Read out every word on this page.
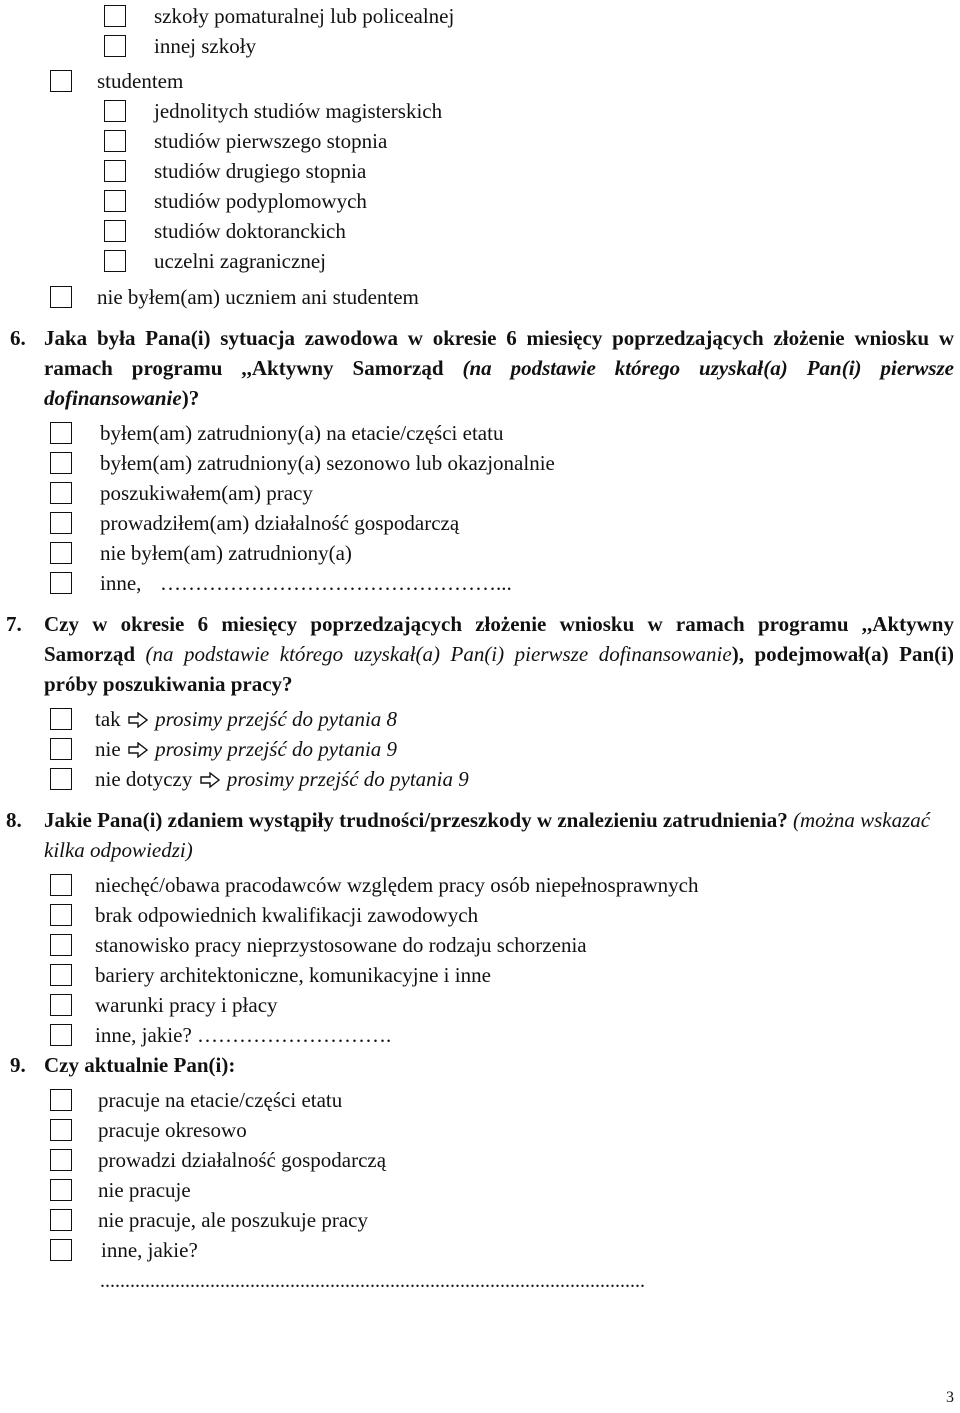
szkoły pomaturalnej lub policealnej
innej szkoły
studentem
jednolitych studiów magisterskich
studiów pierwszego stopnia
studiów drugiego stopnia
studiów podyplomowych
studiów doktoranckich
uczelni zagranicznej
nie byłem(am) uczniem ani studentem
6. Jaka była Pana(i) sytuacja zawodowa w okresie 6 miesięcy poprzedzających złożenie wniosku w ramach programu ,,Aktywny Samorząd (na podstawie którego uzyskał(a) Pan(i) pierwsze dofinansowanie)?
byłem(am) zatrudniony(a) na etacie/części etatu
byłem(am) zatrudniony(a) sezonowo lub okazjonalnie
poszukiwałem(am) pracy
prowadziłem(am) działalność gospodarczą
nie byłem(am) zatrudniony(a)
inne, …………………………………………...
7. Czy w okresie 6 miesięcy poprzedzających złożenie wniosku w ramach programu ,,Aktywny Samorząd (na podstawie którego uzyskał(a) Pan(i) pierwsze dofinansowanie), podejmował(a) Pan(i) próby poszukiwania pracy?
tak prosimy przejść do pytania 8
nie prosimy przejść do pytania 9
nie dotyczy prosimy przejść do pytania 9
8. Jakie Pana(i) zdaniem wystąpiły trudności/przeszkody w znalezieniu zatrudnienia? (można wskazać kilka odpowiedzi)
niechęć/obawa pracodawców względem pracy osób niepełnosprawnych
brak odpowiednich kwalifikacji zawodowych
stanowisko pracy nieprzystosowane do rodzaju schorzenia
bariery architektoniczne, komunikacyjne i inne
warunki pracy i płacy
inne, jakie? ……………………….
9. Czy aktualnie Pan(i):
pracuje na etacie/części etatu
pracuje okresowo
prowadzi działalność gospodarczą
nie pracuje
nie pracuje, ale poszukuje pracy
inne, jakie?
.............................................................................................................
3
